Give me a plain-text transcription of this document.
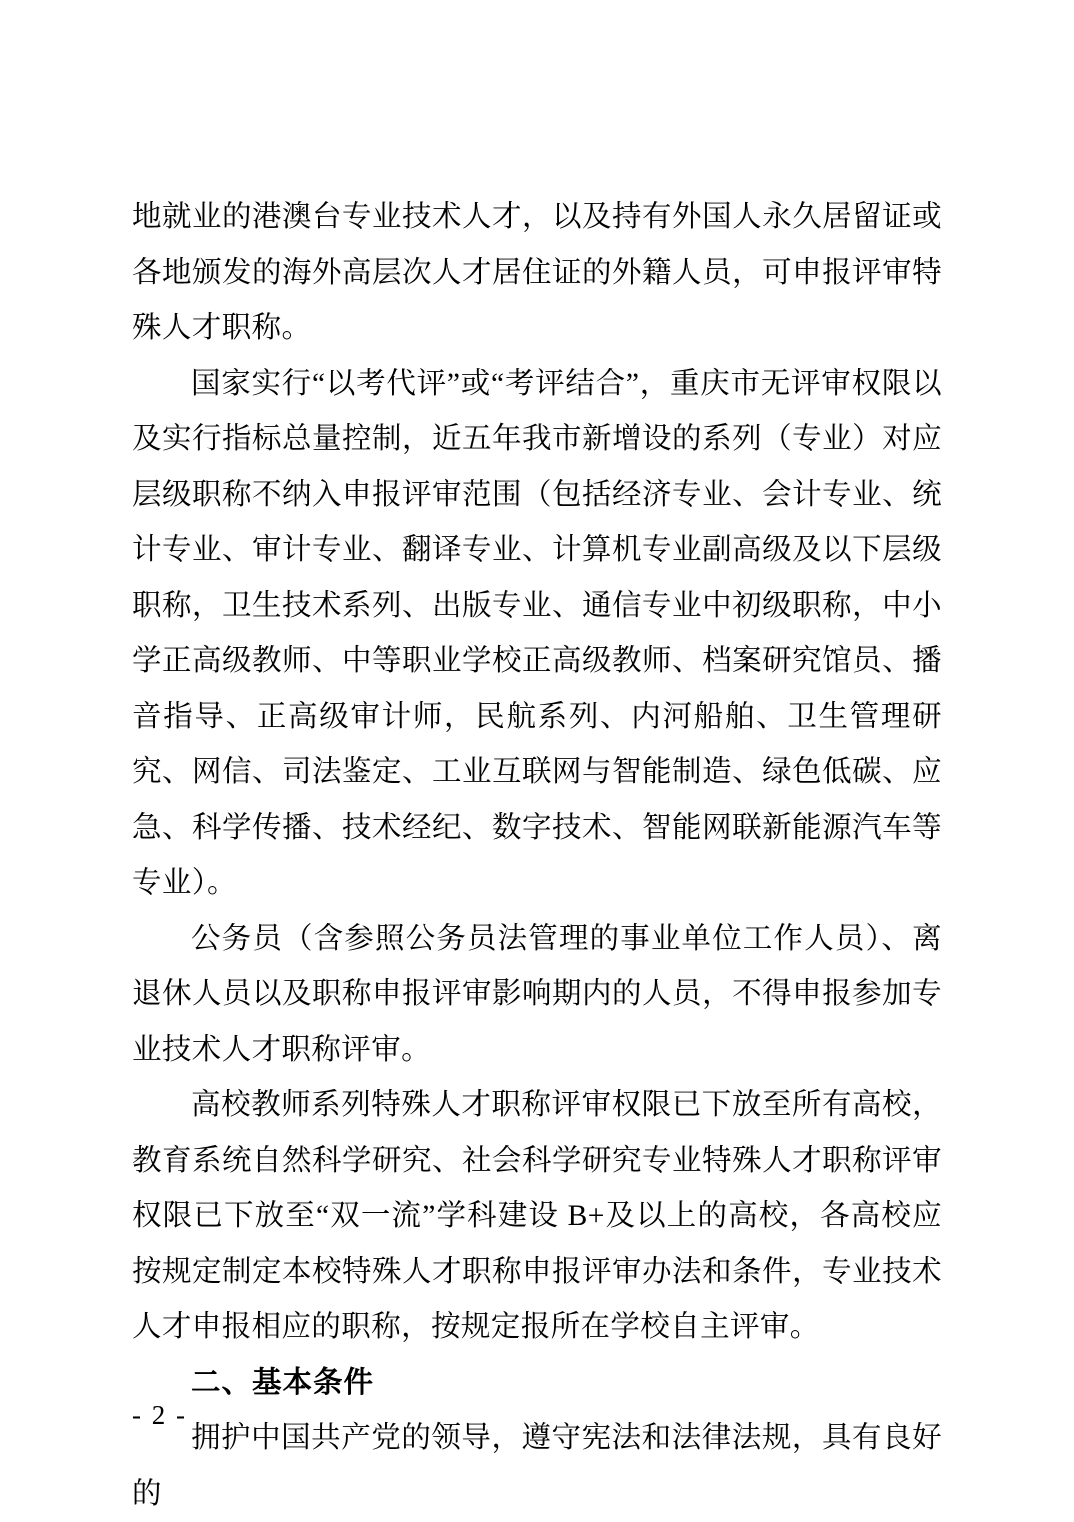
地就业的港澳台专业技术人才，以及持有外国人永久居留证或各地颁发的海外高层次人才居住证的外籍人员，可申报评审特殊人才职称。

国家实行“以考代评”或“考评结合”，重庆市无评审权限以及实行指标总量控制，近五年我市新增设的系列（专业）对应层级职称不纳入申报评审范围（包括经济专业、会计专业、统计专业、审计专业、翻译专业、计算机专业副高级及以下层级职称，卫生技术系列、出版专业、通信专业中初级职称，中小学正高级教师、中等职业学校正高级教师、档案研究馆员、播音指导、正高级审计师，民航系列、内河船舶、卫生管理研究、网信、司法鉴定、工业互联网与智能制造、绿色低碳、应急、科学传播、技术经纪、数字技术、智能网联新能源汽车等专业）。

公务员（含参照公务员法管理的事业单位工作人员）、离退休人员以及职称申报评审影响期内的人员，不得申报参加专业技术人才职称评审。

高校教师系列特殊人才职称评审权限已下放至所有高校，教育系统自然科学研究、社会科学研究专业特殊人才职称评审权限已下放至“双一流”学科建设 B+及以上的高校，各高校应按规定制定本校特殊人才职称申报评审办法和条件，专业技术人才申报相应的职称，按规定报所在学校自主评审。

二、基本条件

拥护中国共产党的领导，遵守宪法和法律法规，具有良好的

- 2 -
